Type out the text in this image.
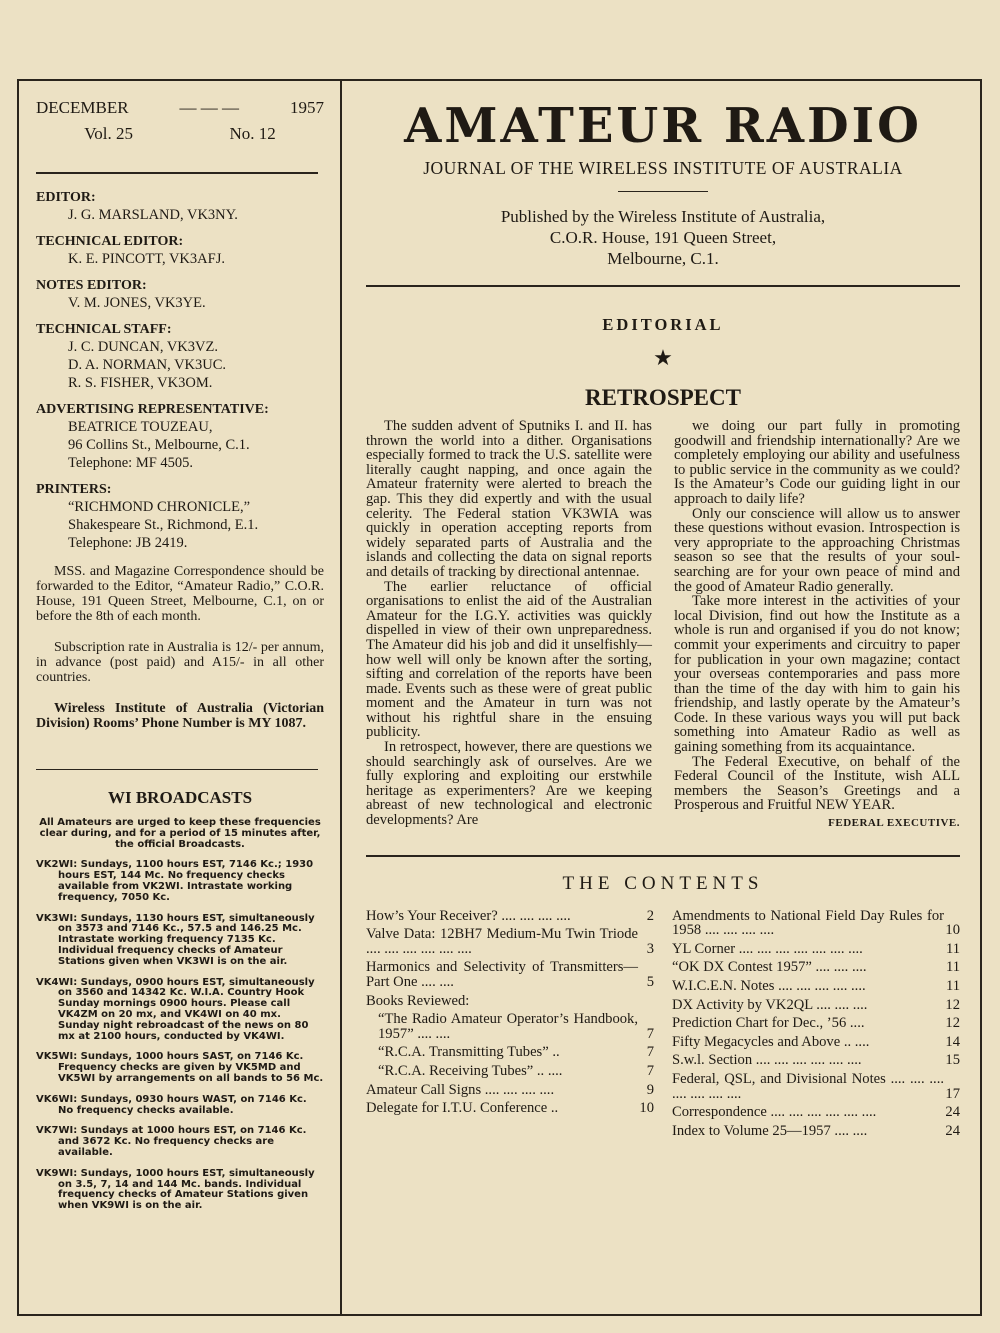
DECEMBER	— — —	1957
Vol. 25	No. 12
EDITOR:
J. G. MARSLAND, VK3NY.
TECHNICAL EDITOR:
K. E. PINCOTT, VK3AFJ.
NOTES EDITOR:
V. M. JONES, VK3YE.
TECHNICAL STAFF:
J. C. DUNCAN, VK3VZ.
D. A. NORMAN, VK3UC.
R. S. FISHER, VK3OM.
ADVERTISING REPRESENTATIVE:
BEATRICE TOUZEAU,
96 Collins St., Melbourne, C.1.
Telephone: MF 4505.
PRINTERS:
“RICHMOND CHRONICLE,”
Shakespeare St., Richmond, E.1.
Telephone: JB 2419.
MSS. and Magazine Correspondence should be forwarded to the Editor, “Amateur Radio,” C.O.R. House, 191 Queen Street, Melbourne, C.1, on or before the 8th of each month.
Subscription rate in Australia is 12/- per annum, in advance (post paid) and A15/- in all other countries.
Wireless Institute of Australia (Victorian Division) Rooms’ Phone Number is MY 1087.
WI BROADCASTS
All Amateurs are urged to keep these frequencies clear during, and for a period of 15 minutes after, the official Broadcasts.
VK2WI: Sundays, 1100 hours EST, 7146 Kc.; 1930 hours EST, 144 Mc. No frequency checks available from VK2WI. Intrastate working frequency, 7050 Kc.
VK3WI: Sundays, 1130 hours EST, simultaneously on 3573 and 7146 Kc., 57.5 and 146.25 Mc. Intrastate working frequency 7135 Kc. Individual frequency checks of Amateur Stations given when VK3WI is on the air.
VK4WI: Sundays, 0900 hours EST, simultaneously on 3560 and 14342 Kc. W.I.A. Country Hook Sunday mornings 0900 hours. Please call VK4ZM on 20 mx, and VK4WI on 40 mx. Sunday night rebroadcast of the news on 80 mx at 2100 hours, conducted by VK4WI.
VK5WI: Sundays, 1000 hours SAST, on 7146 Kc. Frequency checks are given by VK5MD and VK5WI by arrangements on all bands to 56 Mc.
VK6WI: Sundays, 0930 hours WAST, on 7146 Kc. No frequency checks available.
VK7WI: Sundays at 1000 hours EST, on 7146 Kc. and 3672 Kc. No frequency checks are available.
VK9WI: Sundays, 1000 hours EST, simultaneously on 3.5, 7, 14 and 144 Mc. bands. Individual frequency checks of Amateur Stations given when VK9WI is on the air.
AMATEUR RADIO
JOURNAL OF THE WIRELESS INSTITUTE OF AUSTRALIA
Published by the Wireless Institute of Australia,
C.O.R. House, 191 Queen Street,
Melbourne, C.1.
EDITORIAL
★
RETROSPECT

The sudden advent of Sputniks I. and II. has thrown the world into a dither. Organisations especially formed to track the U.S. satellite were literally caught napping, and once again the Amateur fraternity were alerted to breach the gap. This they did expertly and with the usual celerity. The Federal station VK3WIA was quickly in operation accepting reports from widely separated parts of Australia and the islands and collecting the data on signal reports and details of tracking by directional antennae.

The earlier reluctance of official organisations to enlist the aid of the Australian Amateur for the I.G.Y. activities was quickly dispelled in view of their own unpreparedness. The Amateur did his job and did it unselfishly—how well will only be known after the sorting, sifting and correlation of the reports have been made. Events such as these were of great public moment and the Amateur in turn was not without his rightful share in the ensuing publicity.

In retrospect, however, there are questions we should searchingly ask of ourselves. Are we fully exploring and exploiting our erstwhile heritage as experimenters? Are we keeping abreast of new technological and electronic developments? Are

we doing our part fully in promoting goodwill and friendship internationally? Are we completely employing our ability and usefulness to public service in the community as we could? Is the Amateur’s Code our guiding light in our approach to daily life?

Only our conscience will allow us to answer these questions without evasion. Introspection is very appropriate to the approaching Christmas season so see that the results of your soul-searching are for your own peace of mind and the good of Amateur Radio generally.

Take more interest in the activities of your local Division, find out how the Institute as a whole is run and organised if you do not know; commit your experiments and circuitry to paper for publication in your own magazine; contact your overseas contemporaries and pass more than the time of the day with him to gain his friendship, and lastly operate by the Amateur’s Code. In these various ways you will put back something into Amateur Radio as well as gaining something from its acquaintance.

The Federal Executive, on behalf of the Federal Council of the Institute, wish ALL members the Season’s Greetings and a Prosperous and Fruitful NEW YEAR.

FEDERAL EXECUTIVE.
THE CONTENTS
How’s Your Receiver? .... .... .... ....	2
Valve Data: 12BH7 Medium-Mu Twin Triode .... .... .... .... .... ....	3
Harmonics and Selectivity of Transmitters—Part One .... ....	5
Books Reviewed:
“The Radio Amateur Operator’s Handbook, 1957” .... ....	7
“R.C.A. Transmitting Tubes” ..	7
“R.C.A. Receiving Tubes” .. ....	7
Amateur Call Signs .... .... .... ....	9
Delegate for I.T.U. Conference ..	10
Amendments to National Field Day Rules for 1958 .... .... .... ....	10
YL Corner .... .... .... .... .... .... ....	11
“OK DX Contest 1957” .... .... ....	11
W.I.C.E.N. Notes .... .... .... .... ....	11
DX Activity by VK2QL .... .... ....	12
Prediction Chart for Dec., ’56 ....	12
Fifty Megacycles and Above .. ....	14
S.w.l. Section .... .... .... .... .... ....	15
Federal, QSL, and Divisional Notes .... .... .... .... .... .... ....	17
Correspondence .... .... .... .... .... ....	24
Index to Volume 25—1957 .... ....	24
